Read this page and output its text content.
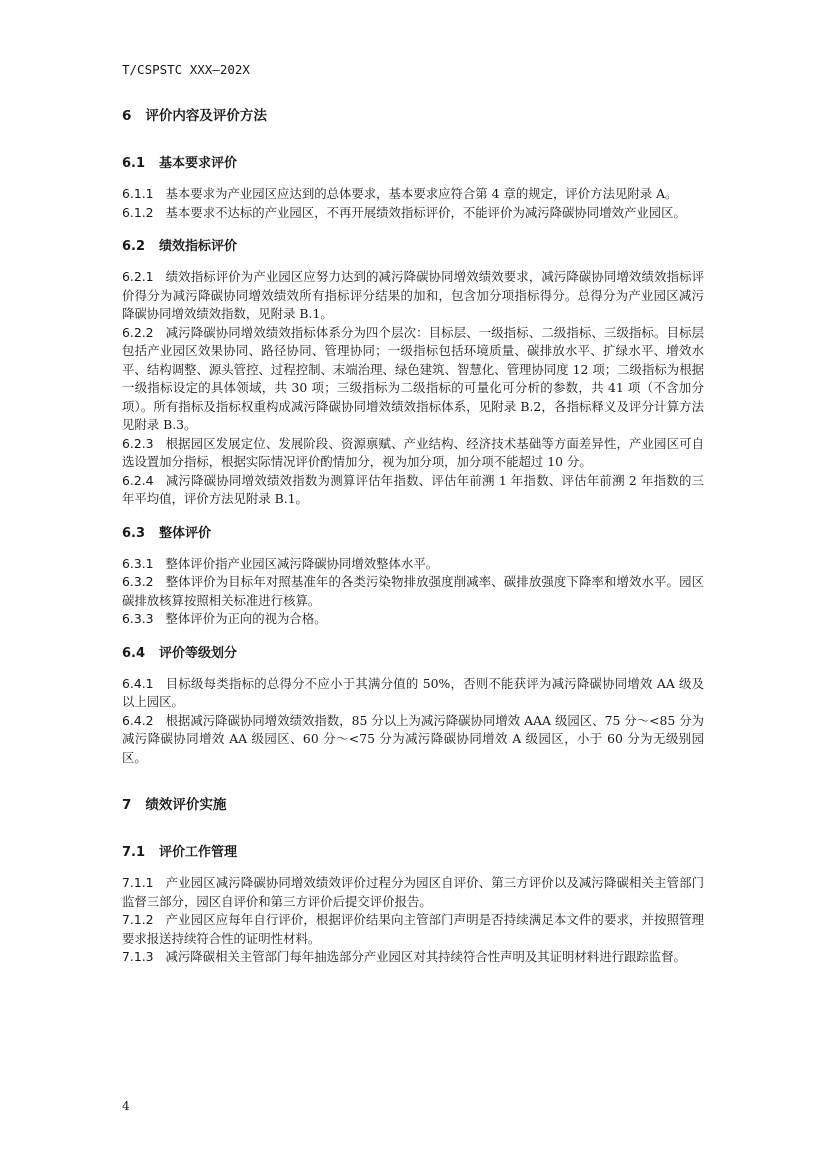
T/CSPSTC XXX—202X
6 评价内容及评价方法
6.1 基本要求评价

6.1.1 基本要求为产业园区应达到的总体要求，基本要求应符合第 4 章的规定，评价方法见附录 A。

6.1.2 基本要求不达标的产业园区，不再开展绩效指标评价，不能评价为减污降碳协同增效产业园区。

6.2 绩效指标评价

6.2.1 绩效指标评价为产业园区应努力达到的减污降碳协同增效绩效要求，减污降碳协同增效绩效指标评价得分为减污降碳协同增效绩效所有指标评分结果的加和，包含加分项指标得分。总得分为产业园区减污降碳协同增效绩效指数，见附录 B.1。

6.2.2 减污降碳协同增效绩效指标体系分为四个层次：目标层、一级指标、二级指标、三级指标。目标层包括产业园区效果协同、路径协同、管理协同；一级指标包括环境质量、碳排放水平、扩绿水平、增效水平、结构调整、源头管控、过程控制、末端治理、绿色建筑、智慧化、管理协同度 12 项；二级指标为根据一级指标设定的具体领域，共 30 项；三级指标为二级指标的可量化可分析的参数，共 41 项（不含加分项）。所有指标及指标权重构成减污降碳协同增效绩效指标体系，见附录 B.2，各指标释义及评分计算方法见附录 B.3。

6.2.3 根据园区发展定位、发展阶段、资源禀赋、产业结构、经济技术基础等方面差异性，产业园区可自选设置加分指标，根据实际情况评价酌情加分，视为加分项，加分项不能超过 10 分。

6.2.4 减污降碳协同增效绩效指数为测算评估年指数、评估年前溯 1 年指数、评估年前溯 2 年指数的三年平均值，评价方法见附录 B.1。

6.3 整体评价

6.3.1 整体评价指产业园区减污降碳协同增效整体水平。

6.3.2 整体评价为目标年对照基准年的各类污染物排放强度削减率、碳排放强度下降率和增效水平。园区碳排放核算按照相关标准进行核算。

6.3.3 整体评价为正向的视为合格。

6.4 评价等级划分

6.4.1 目标级每类指标的总得分不应小于其满分值的 50%，否则不能获评为减污降碳协同增效 AA 级及以上园区。

6.4.2 根据减污降碳协同增效绩效指数，85 分以上为减污降碳协同增效 AAA 级园区、75 分～<85 分为减污降碳协同增效 AA 级园区、60 分～<75 分为减污降碳协同增效 A 级园区，小于 60 分为无级别园区。

7 绩效评价实施
7.1 评价工作管理

7.1.1 产业园区减污降碳协同增效绩效评价过程分为园区自评价、第三方评价以及减污降碳相关主管部门监督三部分，园区自评价和第三方评价后提交评价报告。

7.1.2 产业园区应每年自行评价，根据评价结果向主管部门声明是否持续满足本文件的要求，并按照管理要求报送持续符合性的证明性材料。

7.1.3 减污降碳相关主管部门每年抽选部分产业园区对其持续符合性声明及其证明材料进行跟踪监督。

4
